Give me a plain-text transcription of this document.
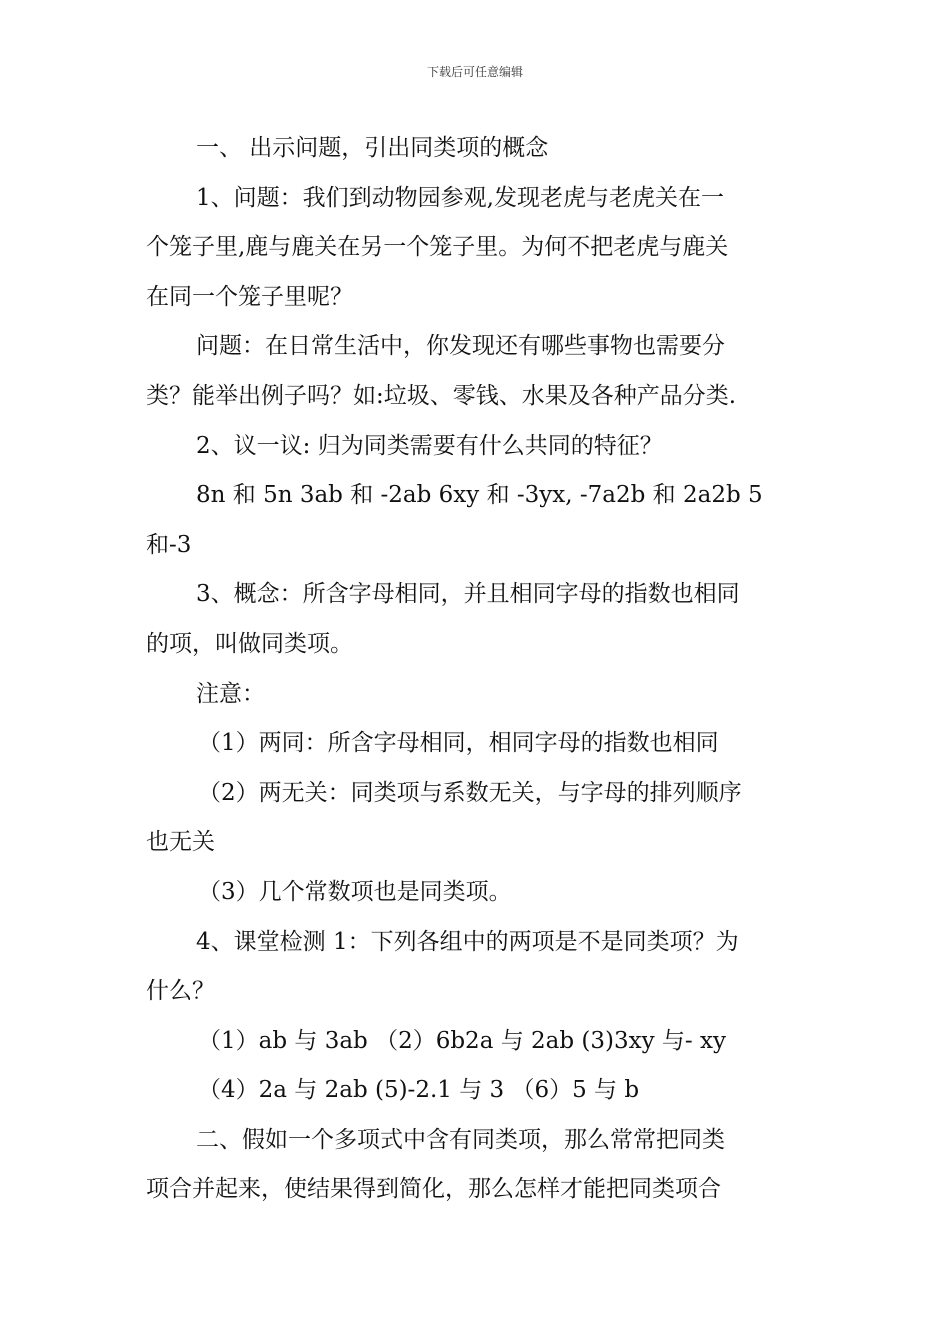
下载后可任意编辑
一、 出示问题，引出同类项的概念
1、问题：我们到动物园参观,发现老虎与老虎关在一
个笼子里,鹿与鹿关在另一个笼子里。为何不把老虎与鹿关
在同一个笼子里呢？
问题：在日常生活中，你发现还有哪些事物也需要分
类？能举出例子吗？如:垃圾、零钱、水果及各种产品分类.
2、议一议: 归为同类需要有什么共同的特征？
8n 和 5n 3ab 和 -2ab 6xy 和 -3yx, -7a2b 和 2a2b 5
和-3
3、概念：所含字母相同，并且相同字母的指数也相同
的项，叫做同类项。
注意：
（1）两同：所含字母相同，相同字母的指数也相同
（2）两无关：同类项与系数无关，与字母的排列顺序
也无关
（3）几个常数项也是同类项。
4、课堂检测 1：下列各组中的两项是不是同类项？为
什么？
（1）ab 与 3ab （2）6b2a 与 2ab (3)3xy 与- xy
（4）2a 与 2ab (5)-2.1 与 3 （6）5 与 b
二、假如一个多项式中含有同类项，那么常常把同类
项合并起来，使结果得到简化，那么怎样才能把同类项合
